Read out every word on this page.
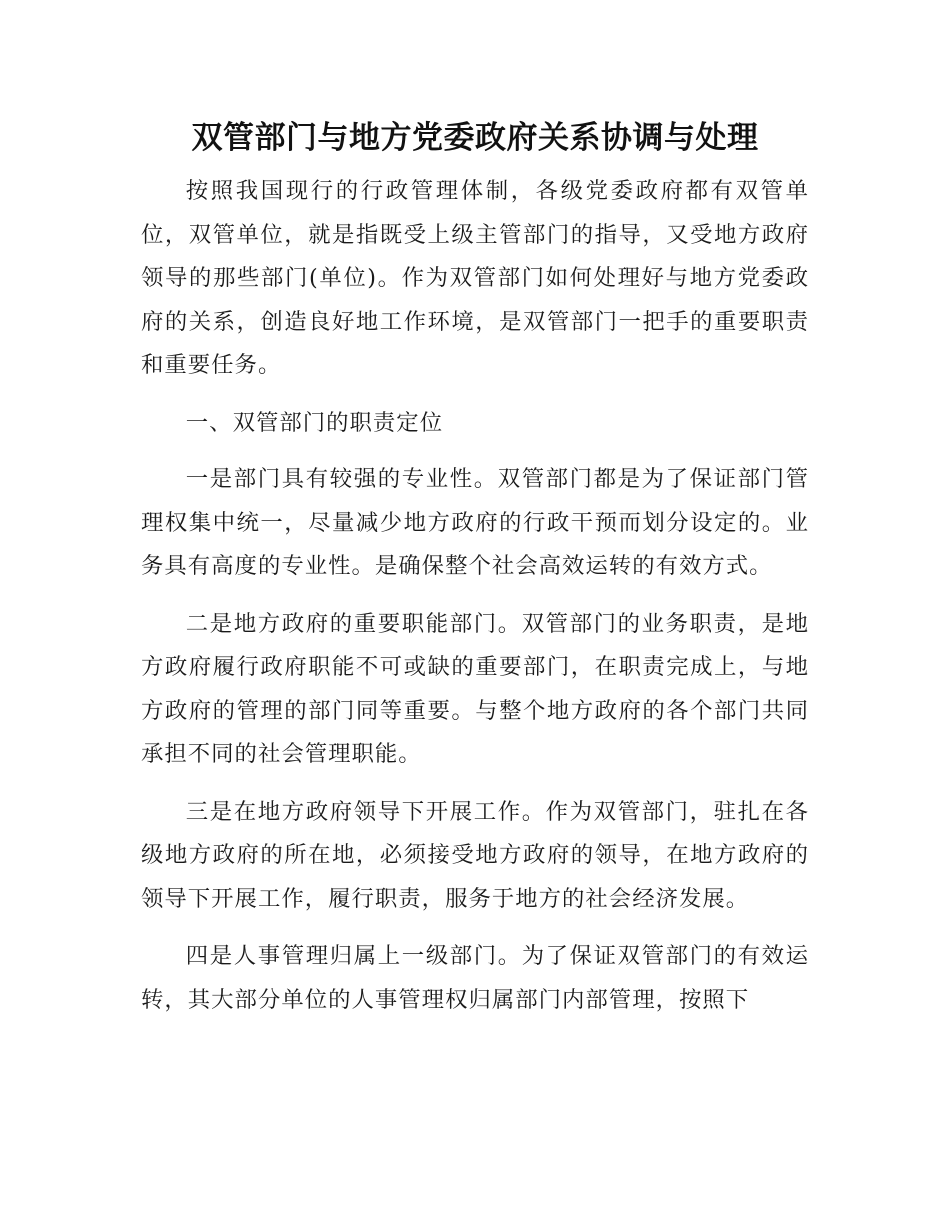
双管部门与地方党委政府关系协调与处理

按照我国现行的行政管理体制，各级党委政府都有双管单位，双管单位，就是指既受上级主管部门的指导，又受地方政府领导的那些部门(单位)。作为双管部门如何处理好与地方党委政府的关系，创造良好地工作环境，是双管部门一把手的重要职责和重要任务。

一、双管部门的职责定位

一是部门具有较强的专业性。双管部门都是为了保证部门管理权集中统一，尽量减少地方政府的行政干预而划分设定的。业务具有高度的专业性。是确保整个社会高效运转的有效方式。

二是地方政府的重要职能部门。双管部门的业务职责，是地方政府履行政府职能不可或缺的重要部门，在职责完成上，与地方政府的管理的部门同等重要。与整个地方政府的各个部门共同承担不同的社会管理职能。

三是在地方政府领导下开展工作。作为双管部门，驻扎在各级地方政府的所在地，必须接受地方政府的领导，在地方政府的领导下开展工作，履行职责，服务于地方的社会经济发展。

四是人事管理归属上一级部门。为了保证双管部门的有效运转，其大部分单位的人事管理权归属部门内部管理，按照下
